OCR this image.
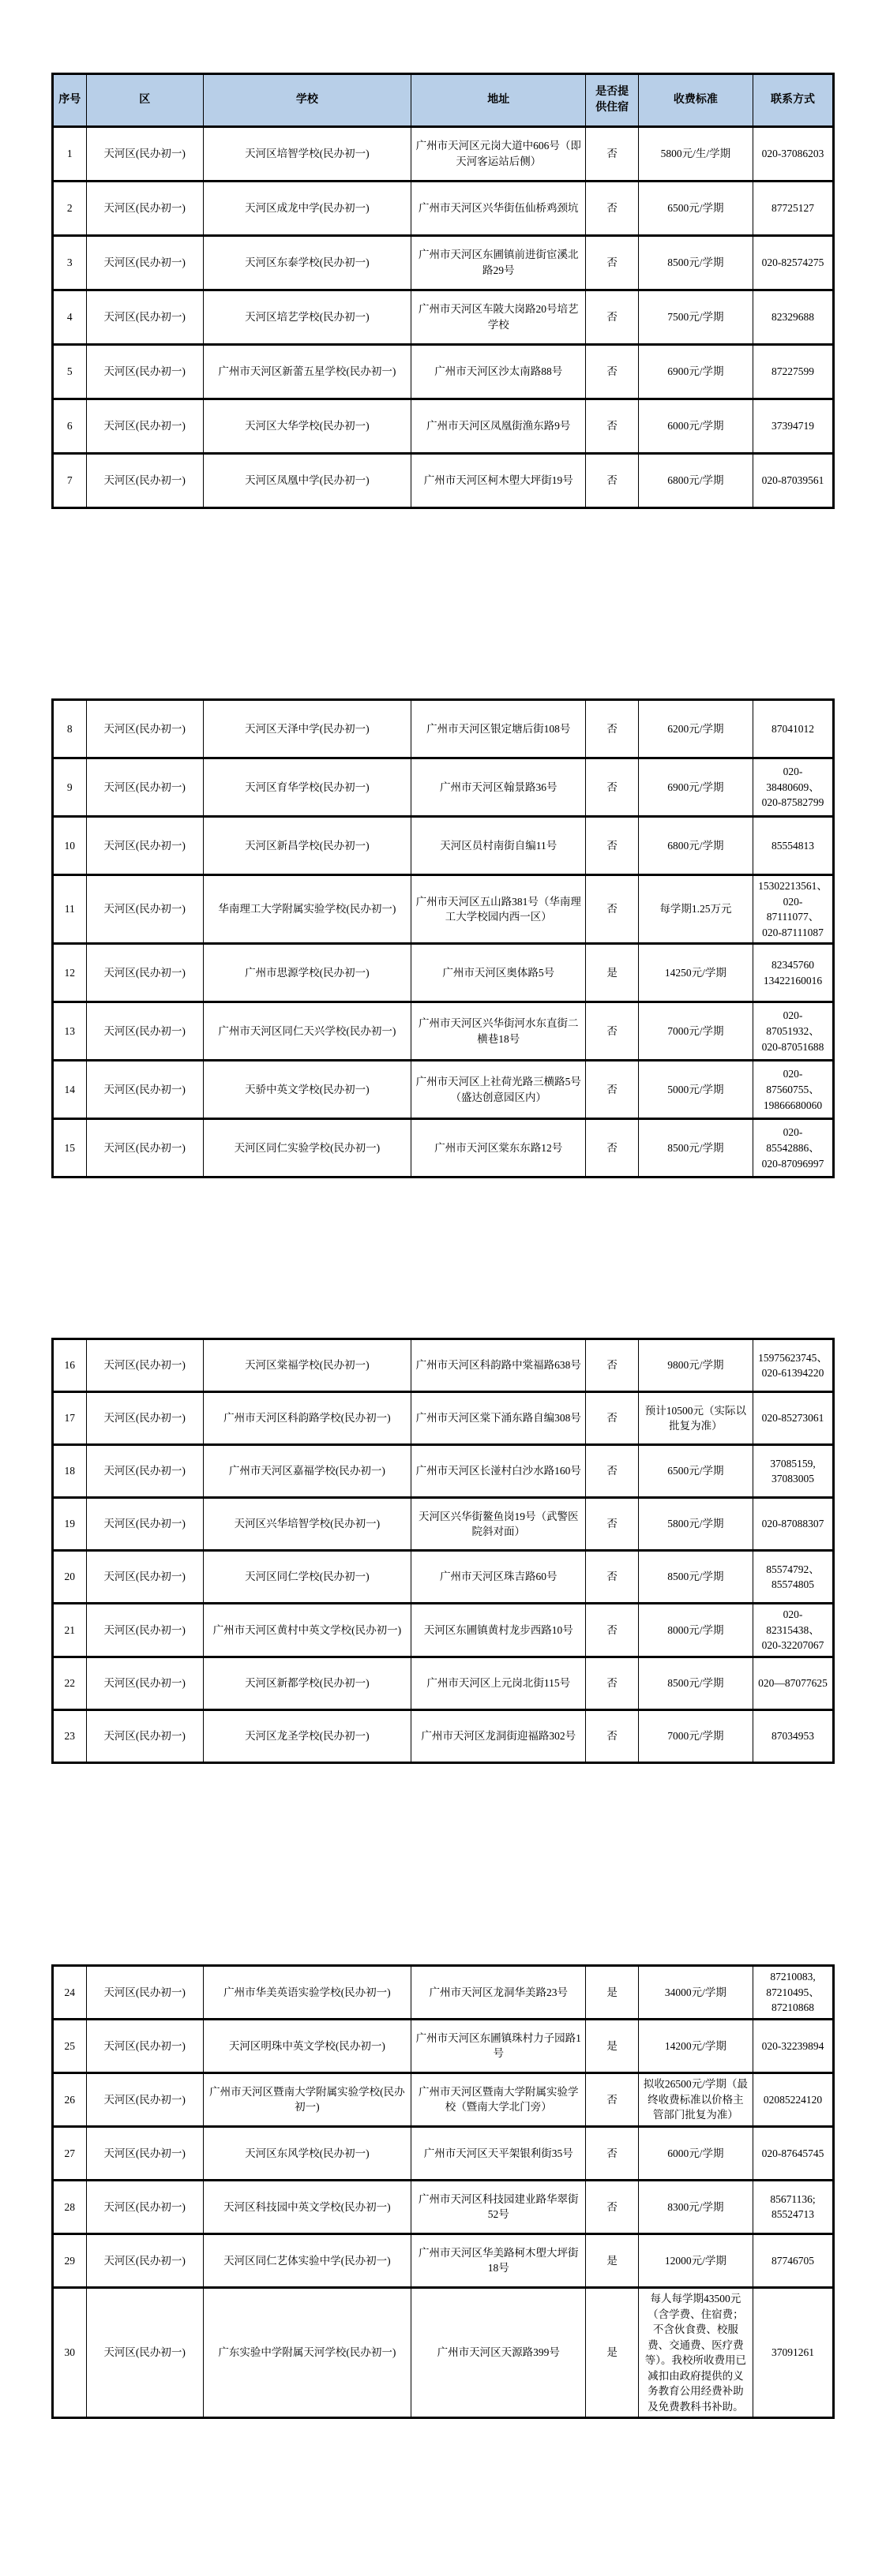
序号	区	学校	地址	是否提供住宿	收费标准	联系方式
1	天河区(民办初一)	天河区培智学校(民办初一)	广州市天河区元岗大道中606号（即天河客运站后侧）	否	5800元/生/学期	020-37086203
2	天河区(民办初一)	天河区成龙中学(民办初一)	广州市天河区兴华街伍仙桥鸡颈坑	否	6500元/学期	87725127
3	天河区(民办初一)	天河区东泰学校(民办初一)	广州市天河区东圃镇前进街宦溪北路29号	否	8500元/学期	020-82574275
4	天河区(民办初一)	天河区培艺学校(民办初一)	广州市天河区车陂大岗路20号培艺学校	否	7500元/学期	82329688
5	天河区(民办初一)	广州市天河区新蕾五星学校(民办初一)	广州市天河区沙太南路88号	否	6900元/学期	87227599
6	天河区(民办初一)	天河区大华学校(民办初一)	广州市天河区凤凰街渔东路9号	否	6000元/学期	37394719
7	天河区(民办初一)	天河区凤凰中学(民办初一)	广州市天河区柯木塱大坪街19号	否	6800元/学期	020-87039561
8	天河区(民办初一)	天河区天泽中学(民办初一)	广州市天河区银定塘后街108号	否	6200元/学期	87041012
9	天河区(民办初一)	天河区育华学校(民办初一)	广州市天河区翰景路36号	否	6900元/学期	020-38480609、020-87582799
10	天河区(民办初一)	天河区新昌学校(民办初一)	天河区员村南街自编11号	否	6800元/学期	85554813
11	天河区(民办初一)	华南理工大学附属实验学校(民办初一)	广州市天河区五山路381号（华南理工大学校园内西一区）	否	每学期1.25万元	15302213561、020-87111077、020-87111087
12	天河区(民办初一)	广州市思源学校(民办初一)	广州市天河区奥体路5号	是	14250元/学期	82345760 13422160016
13	天河区(民办初一)	广州市天河区同仁天兴学校(民办初一)	广州市天河区兴华街河水东直街二横巷18号	否	7000元/学期	020-87051932、020-87051688
14	天河区(民办初一)	天骄中英文学校(民办初一)	广州市天河区上社荷光路三横路5号（盛达创意园区内）	否	5000元/学期	020-87560755、19866680060
15	天河区(民办初一)	天河区同仁实验学校(民办初一)	广州市天河区棠东东路12号	否	8500元/学期	020-85542886、020-87096997
16	天河区(民办初一)	天河区棠福学校(民办初一)	广州市天河区科韵路中棠福路638号	否	9800元/学期	15975623745、020-61394220
17	天河区(民办初一)	广州市天河区科韵路学校(民办初一)	广州市天河区棠下涌东路自编308号	否	预计10500元（实际以批复为准）	020-85273061
18	天河区(民办初一)	广州市天河区嘉福学校(民办初一)	广州市天河区长湴村白沙水路160号	否	6500元/学期	37085159, 37083005
19	天河区(民办初一)	天河区兴华培智学校(民办初一)	天河区兴华街鳌鱼岗19号（武警医院斜对面）	否	5800元/学期	020-87088307
20	天河区(民办初一)	天河区同仁学校(民办初一)	广州市天河区珠吉路60号	否	8500元/学期	85574792、85574805
21	天河区(民办初一)	广州市天河区黄村中英文学校(民办初一)	天河区东圃镇黄村龙步西路10号	否	8000元/学期	020-82315438、020-32207067
22	天河区(民办初一)	天河区新都学校(民办初一)	广州市天河区上元岗北街115号	否	8500元/学期	020—87077625
23	天河区(民办初一)	天河区龙圣学校(民办初一)	广州市天河区龙洞街迎福路302号	否	7000元/学期	87034953
24	天河区(民办初一)	广州市华美英语实验学校(民办初一)	广州市天河区龙洞华美路23号	是	34000元/学期	87210083, 87210495、87210868
25	天河区(民办初一)	天河区明珠中英文学校(民办初一)	广州市天河区东圃镇珠村力子园路1号	是	14200元/学期	020-32239894
26	天河区(民办初一)	广州市天河区暨南大学附属实验学校(民办初一)	广州市天河区暨南大学附属实验学校（暨南大学北门旁）	否	拟收26500元/学期（最终收费标准以价格主管部门批复为准）	02085224120
27	天河区(民办初一)	天河区东风学校(民办初一)	广州市天河区天平架银利街35号	否	6000元/学期	020-87645745
28	天河区(民办初一)	天河区科技园中英文学校(民办初一)	广州市天河区科技园建业路华翠街52号	否	8300元/学期	85671136; 85524713
29	天河区(民办初一)	天河区同仁艺体实验中学(民办初一)	广州市天河区华美路柯木塱大坪街18号	是	12000元/学期	87746705
30	天河区(民办初一)	广东实验中学附属天河学校(民办初一)	广州市天河区天源路399号	是	每人每学期43500元（含学费、住宿费；不含伙食费、校服费、交通费、医疗费等）。我校所收费用已减扣由政府提供的义务教育公用经费补助及免费教科书补助。	37091261
